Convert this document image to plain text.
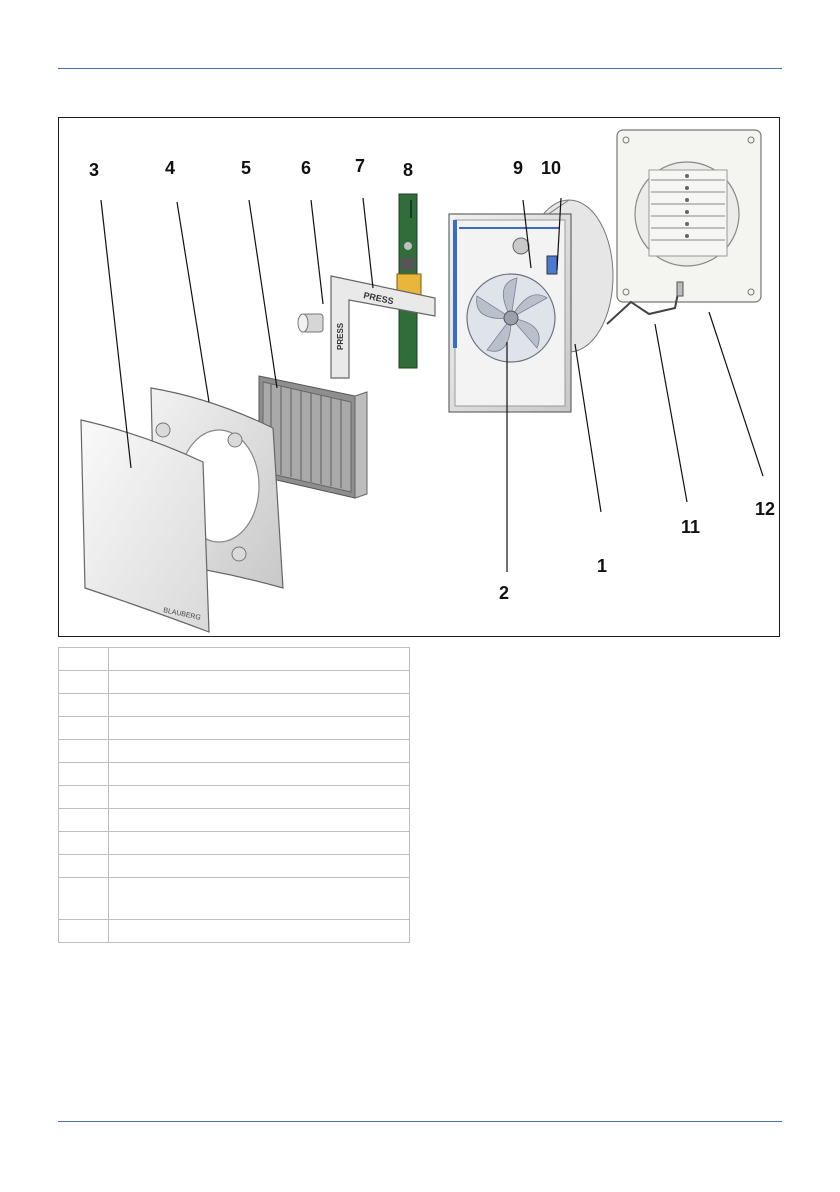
PRESS
PRESS
BLAUBERG
3	4	5	6 7 8	9 10
1
2
11
12
